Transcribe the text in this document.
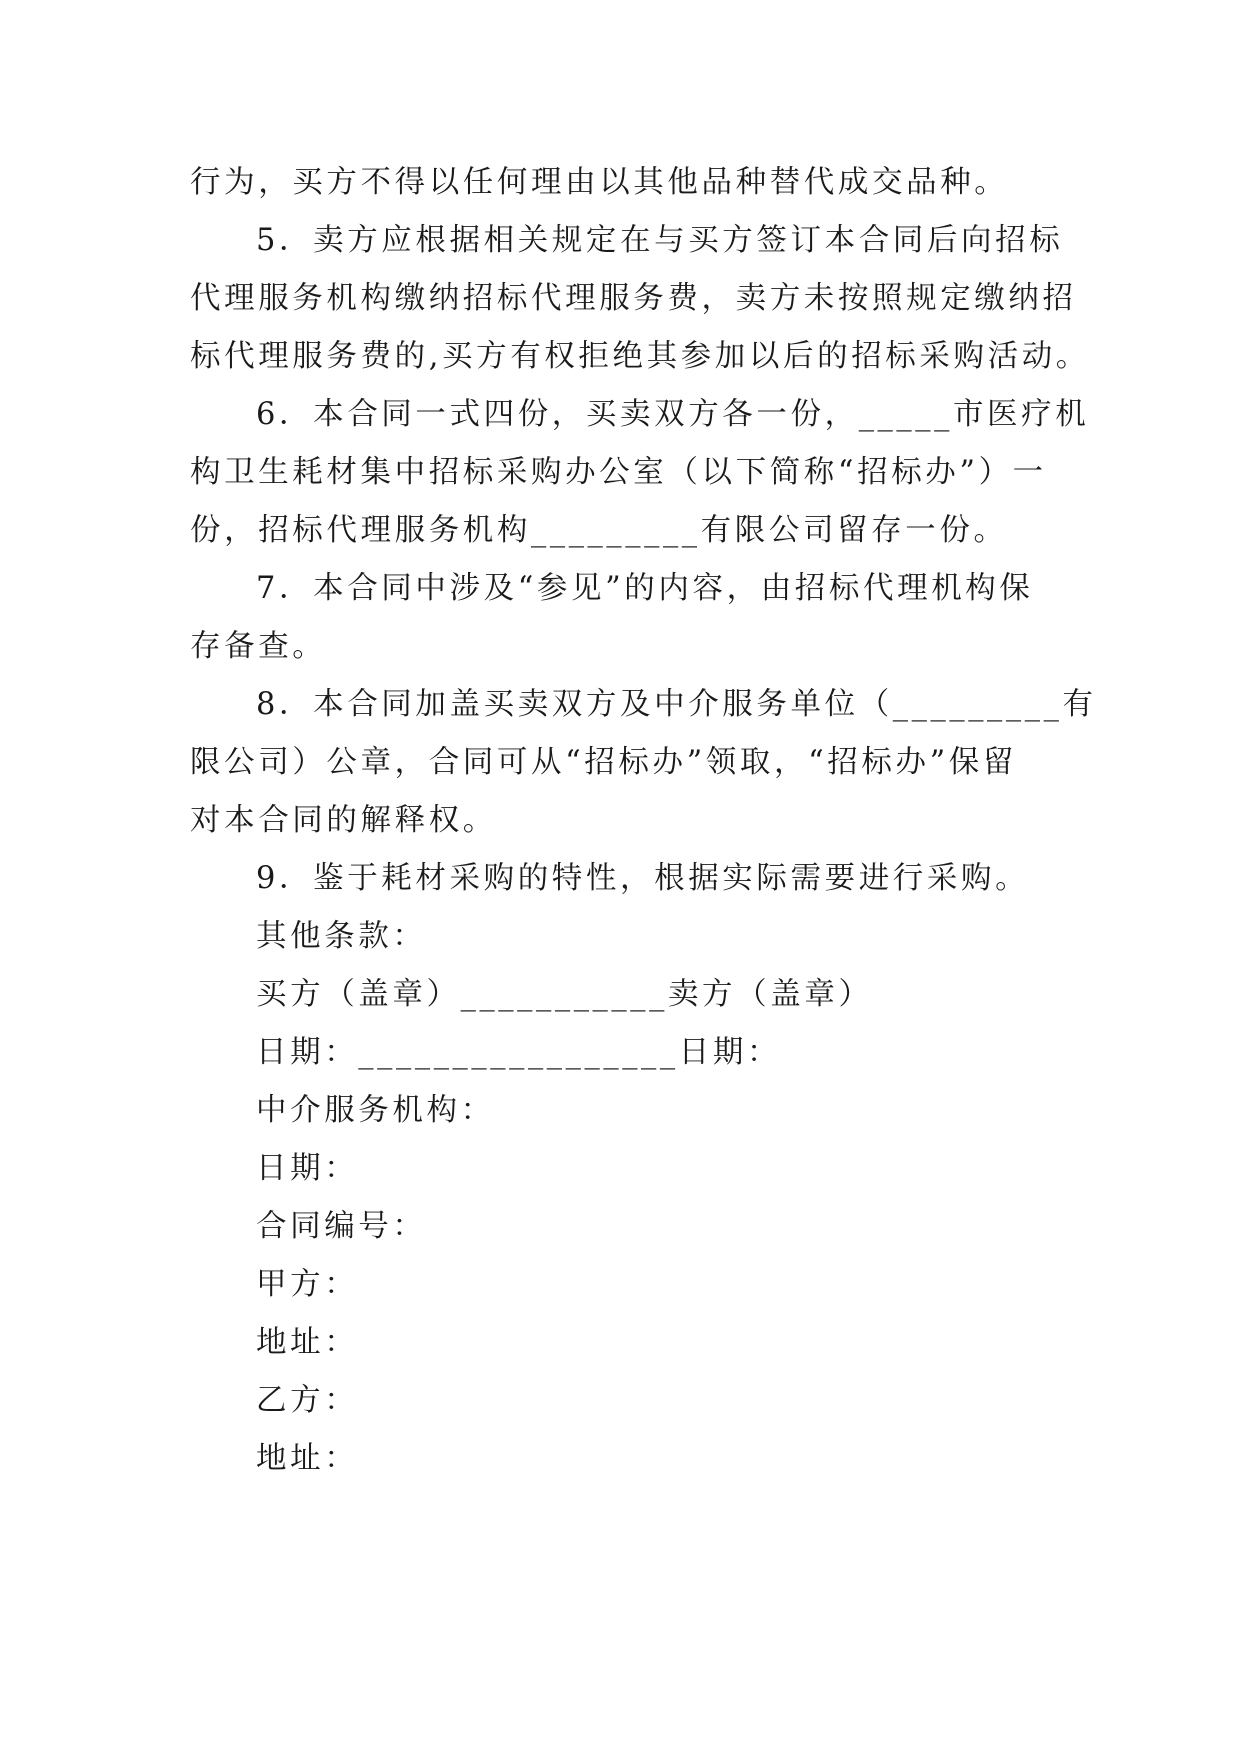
行为，买方不得以任何理由以其他品种替代成交品种。
5．卖方应根据相关规定在与买方签订本合同后向招标
代理服务机构缴纳招标代理服务费，卖方未按照规定缴纳招
标代理服务费的,买方有权拒绝其参加以后的招标采购活动。
6．本合同一式四份，买卖双方各一份，_____市医疗机
构卫生耗材集中招标采购办公室（以下简称“招标办”）一
份，招标代理服务机构_________有限公司留存一份。
7．本合同中涉及“参见”的内容，由招标代理机构保
存备查。
8．本合同加盖买卖双方及中介服务单位（_________有
限公司）公章，合同可从“招标办”领取，“招标办”保留
对本合同的解释权。
9．鉴于耗材采购的特性，根据实际需要进行采购。
其他条款：
买方（盖章）___________卖方（盖章）
日期：_________________日期：
中介服务机构：
日期：
合同编号：
甲方：
地址：
乙方：
地址：
